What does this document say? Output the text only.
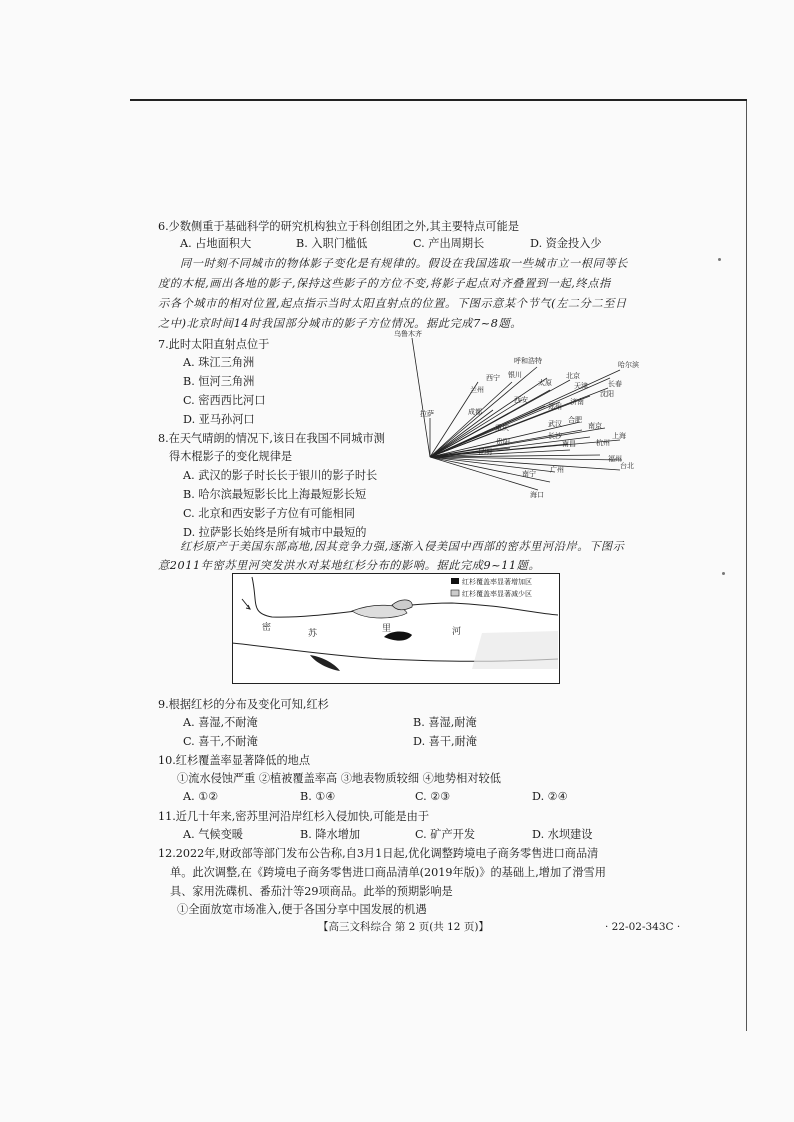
6.少数侧重于基础科学的研究机构独立于科创组团之外,其主要特点可能是
A. 占地面积大	B. 入职门槛低	C. 产出周期长	D. 资金投入少
同一时刻不同城市的物体影子变化是有规律的。假设在我国选取一些城市立一根同等长
度的木棍,画出各地的影子,保持这些影子的方位不变,将影子起点对齐叠置到一起,终点指
示各个城市的相对位置,起点指示当时太阳直射点的位置。下图示意某个节气(左二分二至日
之中)北京时间14时我国部分城市的影子方位情况。据此完成7~8题。
7.此时太阳直射点位于
A. 珠江三角洲
B. 恒河三角洲
C. 密西西比河口
D. 亚马孙河口
8.在天气晴朗的情况下,该日在我国不同城市测
得木棍影子的变化规律是
A. 武汉的影子时长长于银川的影子时长
B. 哈尔滨最短影长比上海最短影长短
C. 北京和西安影子方位有可能相同
D. 拉萨影长始终是所有城市中最短的
乌鲁木齐
呼和浩特	哈尔滨
西宁 银川	北京
长春
兰州
太原	天津
沈阳
郑州
济南
拉萨	成都
重庆
西安
武汉 合肥
南京
上海
杭州
贵阳
长沙
昆明
南昌
福州
南宁 广州	台北
海口
红杉原产于美国东部高地,因其竞争力强,逐渐入侵美国中西部的密苏里河沿岸。下图示
意2011年密苏里河突发洪水对某地红杉分布的影响。据此完成9~11题。
密
苏	里	河
红杉覆盖率显著增加区
红杉覆盖率显著减少区
9.根据红杉的分布及变化可知,红杉
A. 喜湿,不耐淹	B. 喜湿,耐淹
C. 喜干,不耐淹	D. 喜干,耐淹
10.红杉覆盖率显著降低的地点
①流水侵蚀严重 ②植被覆盖率高 ③地表物质较细 ④地势相对较低
A. ①②	B. ①④	C. ②③	D. ②④
11.近几十年来,密苏里河沿岸红杉入侵加快,可能是由于
A. 气候变暖	B. 降水增加	C. 矿产开发	D. 水坝建设
12.2022年,财政部等部门发布公告称,自3月1日起,优化调整跨境电子商务零售进口商品清
单。此次调整,在《跨境电子商务零售进口商品清单(2019年版)》的基础上,增加了滑雪用
具、家用洗碟机、番茄汁等29项商品。此举的预期影响是
①全面放宽市场准入,便于各国分享中国发展的机遇
【高三文科综合 第 2 页(共 12 页)】	· 22-02-343C ·
